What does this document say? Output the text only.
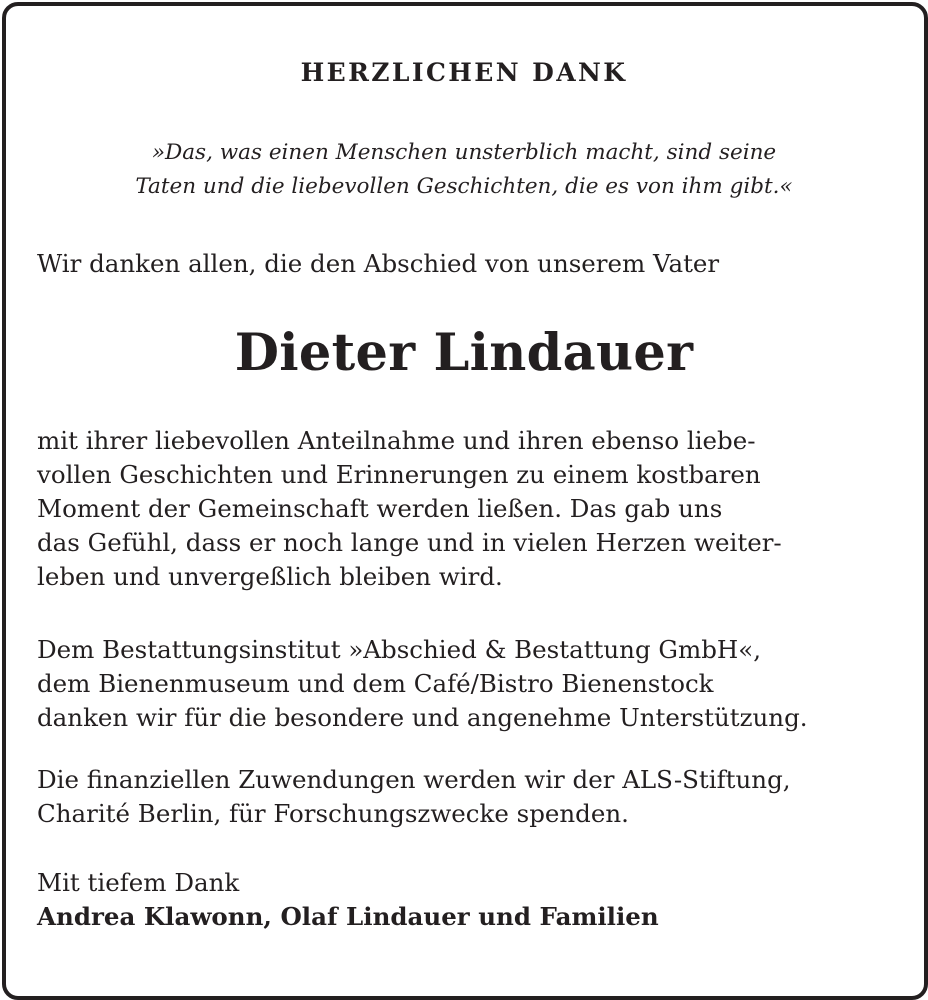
HERZLICHEN DANK
»Das, was einen Menschen unsterblich macht, sind seine
Taten und die liebevollen Geschichten, die es von ihm gibt.«
Wir danken allen, die den Abschied von unserem Vater
Dieter Lindauer
mit ihrer liebevollen Anteilnahme und ihren ebenso liebe-
vollen Geschichten und Erinnerungen zu einem kostbaren
Moment der Gemeinschaft werden ließen. Das gab uns
das Gefühl, dass er noch lange und in vielen Herzen weiter-
leben und unvergeßlich bleiben wird.
Dem Bestattungsinstitut »Abschied & Bestattung GmbH«,
dem Bienenmuseum und dem Café/Bistro Bienenstock
danken wir für die besondere und angenehme Unterstützung.
Die finanziellen Zuwendungen werden wir der ALS-Stiftung,
Charité Berlin, für Forschungszwecke spenden.
Mit tiefem Dank
Andrea Klawonn, Olaf Lindauer und Familien
